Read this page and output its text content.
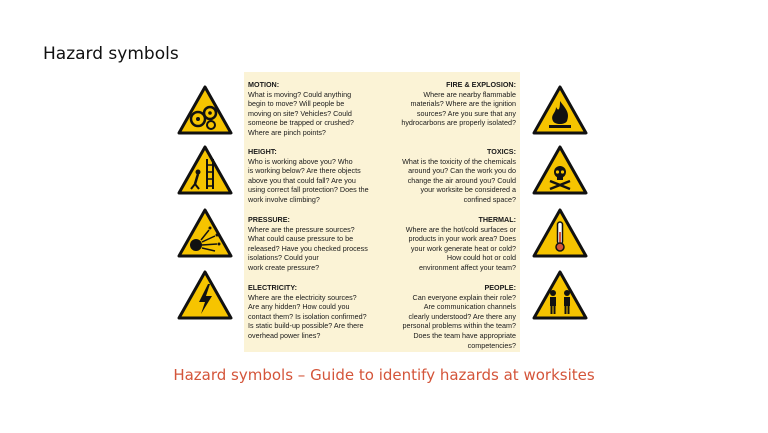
Hazard symbols
MOTION:
What is moving? Could anything
begin to move? Will people be
moving on site? Vehicles? Could
someone be trapped or crushed?
Where are pinch points?
HEIGHT:
Who is working above you? Who
is working below? Are there objects
above you that could fall? Are you
using correct fall protection? Does the
work involve climbing?
PRESSURE:
Where are the pressure sources?
What could cause pressure to be
released? Have you checked process
isolations? Could your
work create pressure?
ELECTRICITY:
Where are the electricity sources?
Are any hidden? How could you
contact them? Is isolation confirmed?
Is static build-up possible? Are there
overhead power lines?
FIRE & EXPLOSION:
Where are nearby flammable
materials? Where are the ignition
sources? Are you sure that any
hydrocarbons are properly isolated?
TOXICS:
What is the toxicity of the chemicals
around you? Can the work you do
change the air around you? Could
your worksite be considered a
confined space?
THERMAL:
Where are the hot/cold surfaces or
products in your work area? Does
your work generate heat or cold?
How could hot or cold
environment affect your team?
PEOPLE:
Can everyone explain their role?
Are communication channels
clearly understood? Are there any
personal problems within the team?
Does the team have appropriate
competencies?
Hazard symbols – Guide to identify hazards at worksites
